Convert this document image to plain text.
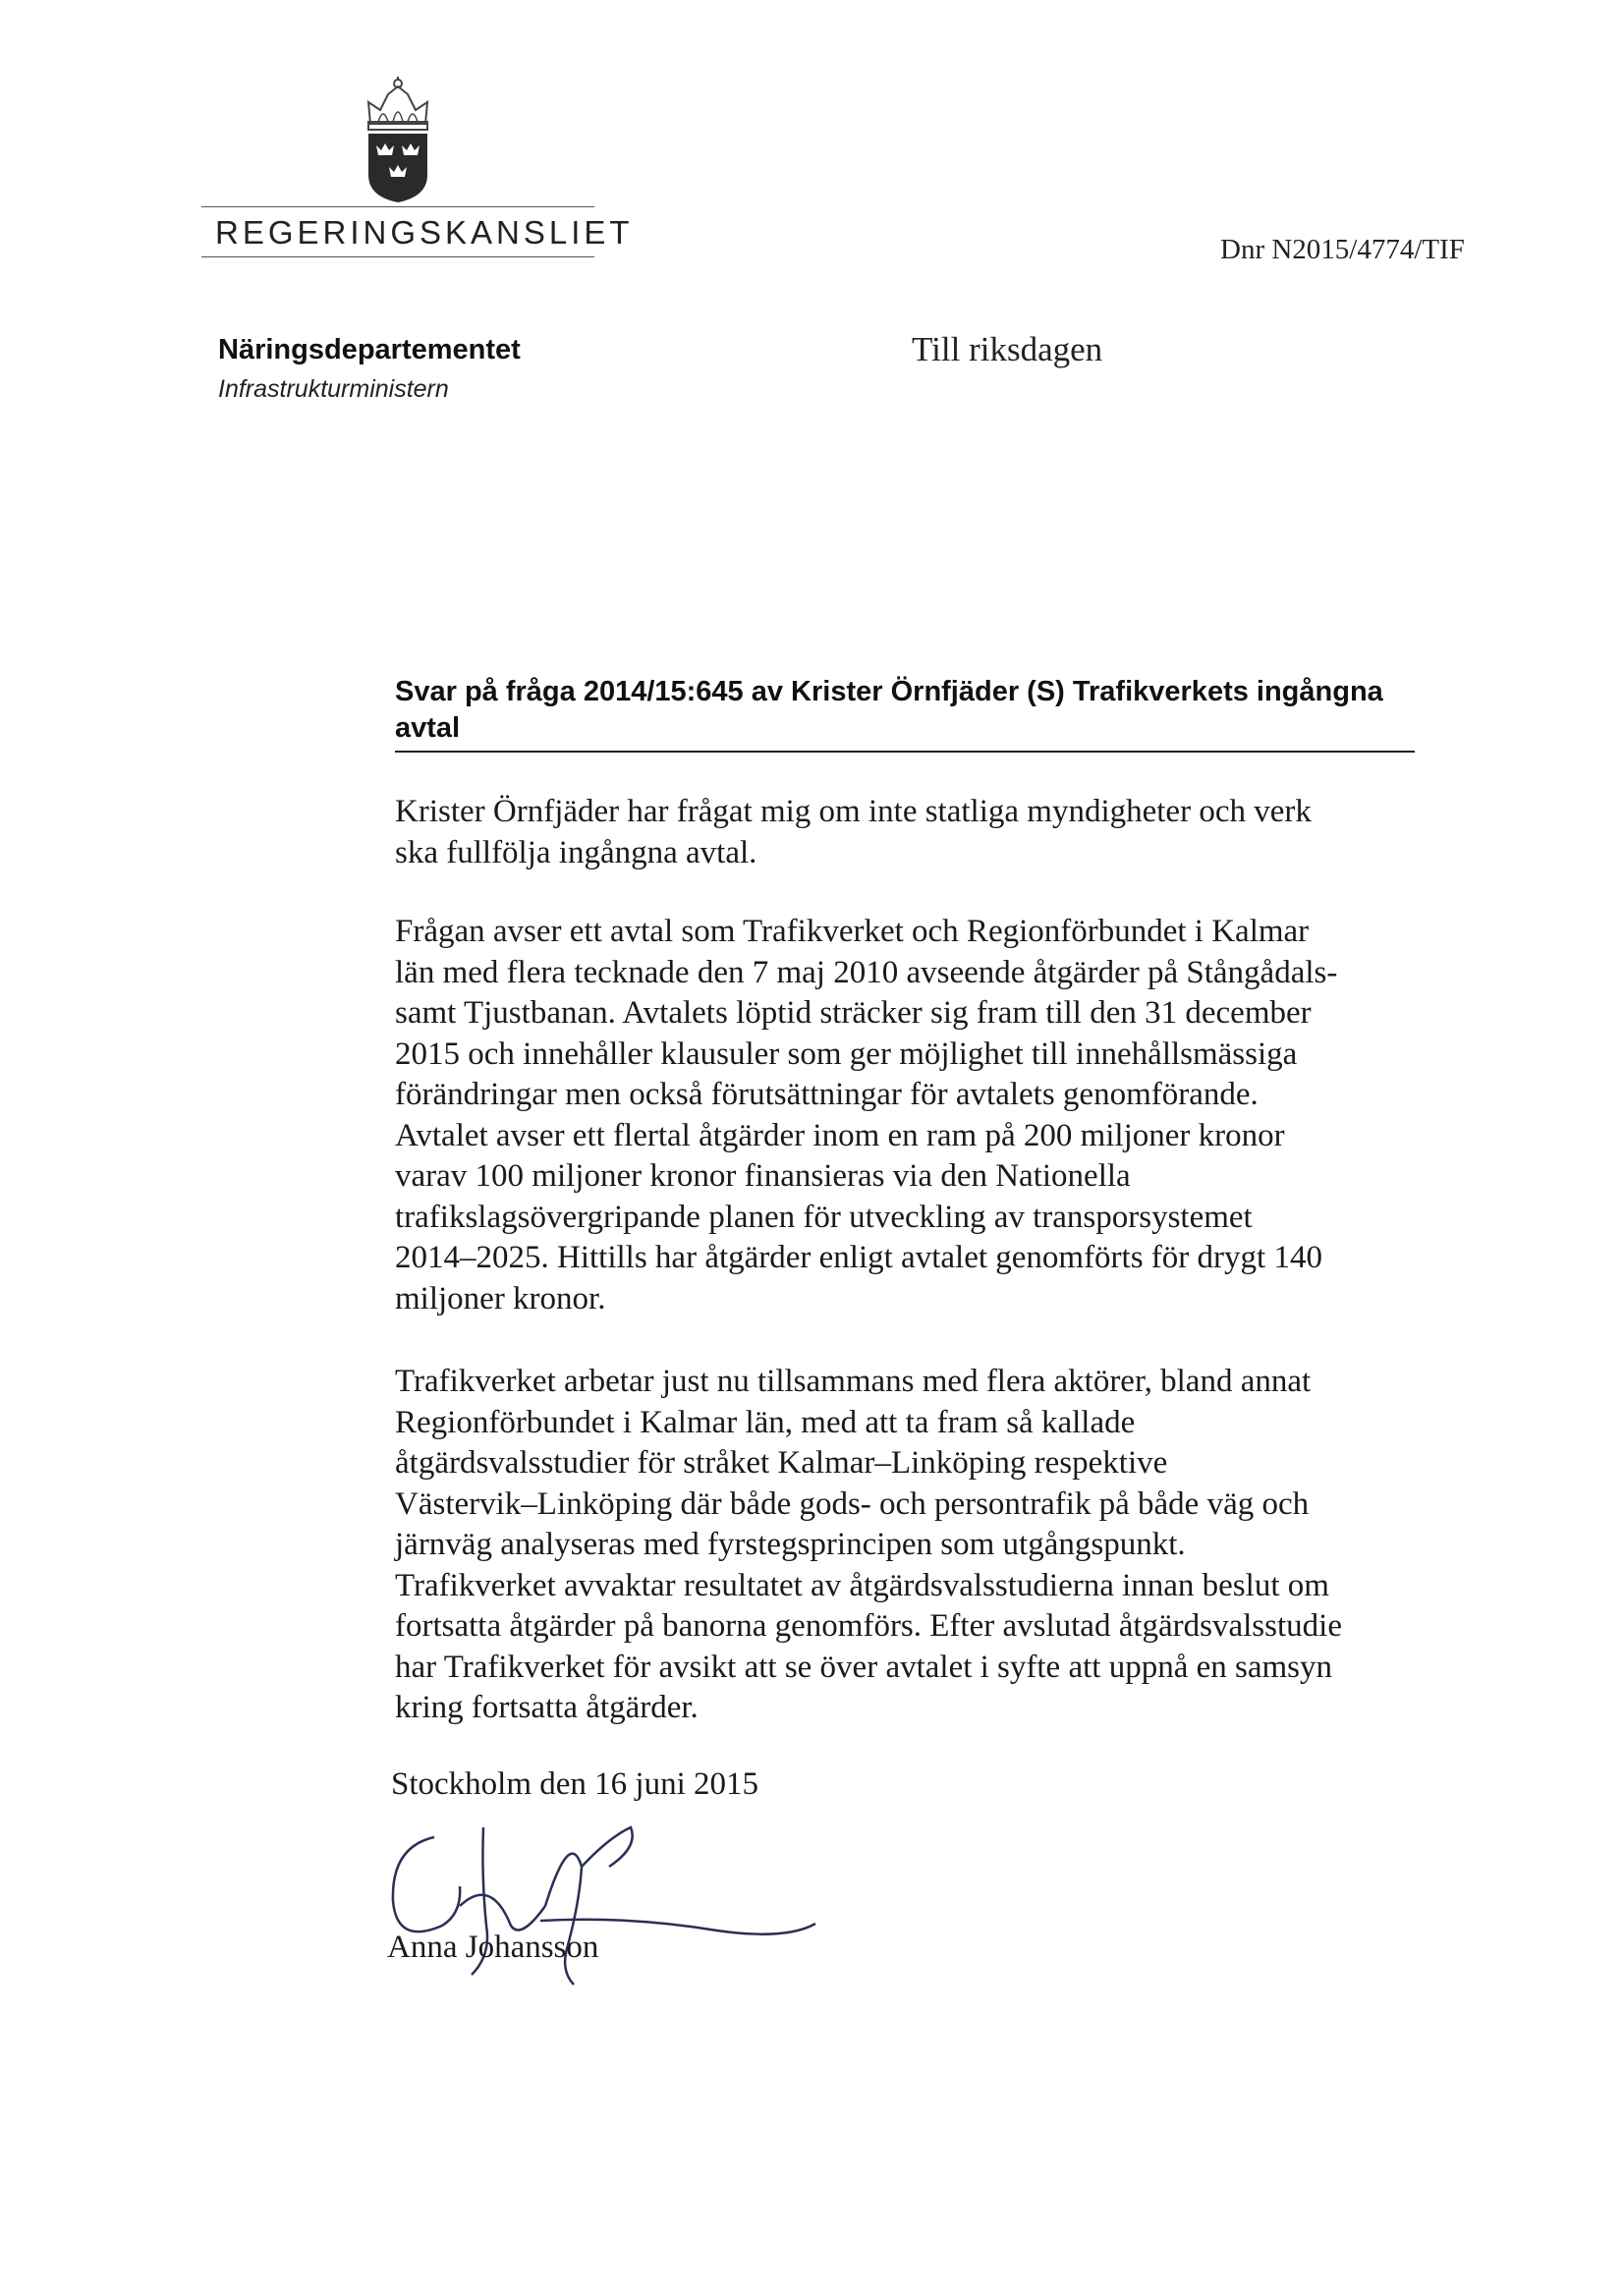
REGERINGSKANSLIET	Dnr N2015/4774/TIF
Näringsdepartementet
Infrastrukturministern
Till riksdagen
Svar på fråga 2014/15:645 av Krister Örnfjäder (S) Trafikverkets ingångna
avtal
Krister Örnfjäder har frågat mig om inte statliga myndigheter och verk
ska fullfölja ingångna avtal.
Frågan avser ett avtal som Trafikverket och Regionförbundet i Kalmar
län med flera tecknade den 7 maj 2010 avseende åtgärder på Stångådals-
samt Tjustbanan. Avtalets löptid sträcker sig fram till den 31 december
2015 och innehåller klausuler som ger möjlighet till innehållsmässiga
förändringar men också förutsättningar för avtalets genomförande.
Avtalet avser ett flertal åtgärder inom en ram på 200 miljoner kronor
varav 100 miljoner kronor finansieras via den Nationella
trafikslagsövergripande planen för utveckling av transporsystemet
2014–2025. Hittills har åtgärder enligt avtalet genomförts för drygt 140
miljoner kronor.
Trafikverket arbetar just nu tillsammans med flera aktörer, bland annat
Regionförbundet i Kalmar län, med att ta fram så kallade
åtgärdsvalsstudier för stråket Kalmar–Linköping respektive
Västervik–Linköping där både gods- och persontrafik på både väg och
järnväg analyseras med fyrstegsprincipen som utgångspunkt.
Trafikverket avvaktar resultatet av åtgärdsvalsstudierna innan beslut om
fortsatta åtgärder på banorna genomförs. Efter avslutad åtgärdsvalsstudie
har Trafikverket för avsikt att se över avtalet i syfte att uppnå en samsyn
kring fortsatta åtgärder.
Stockholm den 16 juni 2015
Anna Johansson
